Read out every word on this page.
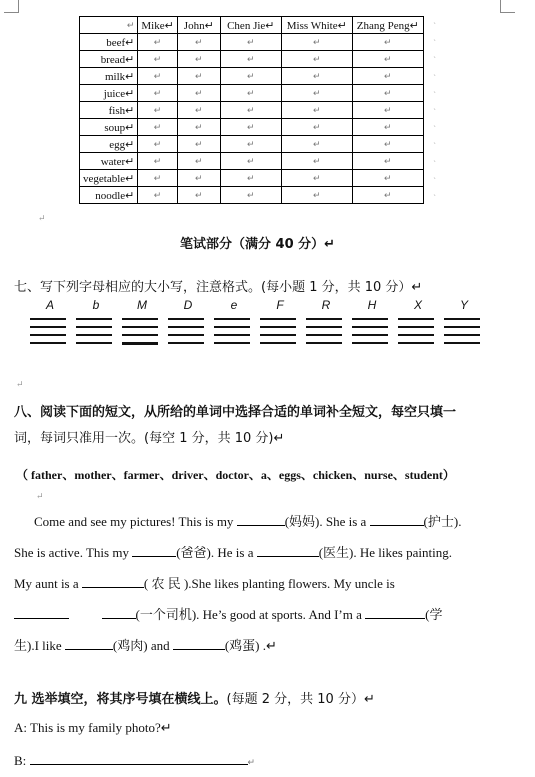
↵	Mike↵	John↵	Chen Jie↵	Miss White↵	Zhang Peng↵
beef↵	↵	↵	↵	↵	↵
bread↵	↵	↵	↵	↵	↵
milk↵	↵	↵	↵	↵	↵
juice↵	↵	↵	↵	↵	↵
fish↵	↵	↵	↵	↵	↵
soup↵	↵	↵	↵	↵	↵
egg↵	↵	↵	↵	↵	↵
water↵	↵	↵	↵	↵	↵
vegetable↵	↵	↵	↵	↵	↵
noodle↵	↵	↵	↵	↵	↵
↵
笔试部分（满分 40 分）↵
七、写下列字母相应的大小写，注意格式。(每小题 1 分，共 10 分）↵
A	b	M	D	e	F	R	H	X	Y
↵
八、阅读下面的短文，从所给的单词中选择合适的单词补全短文，每空只填一
词，每词只准用一次。(每空 1 分，共 10 分)↵
（ father、mother、farmer、driver、doctor、a、eggs、chicken、nurse、student）
↵
Come and see my pictures! This is my	(妈妈). She is a	(护士).
She is active. This my	(爸爸). He is a	(医生). He likes painting.
My aunt is a	( 农 民 ).She likes planting flowers. My uncle is
(一个司机). He’s good at sports. And I’m a	(学
生).I like	(鸡肉) and	(鸡蛋) .↵
九 选举填空，将其序号填在横线上。(每题 2 分，共 10 分）↵
A: This is my family photo?↵
B:	↵
`
`
`
`
`
`
`
`
`
`
`
